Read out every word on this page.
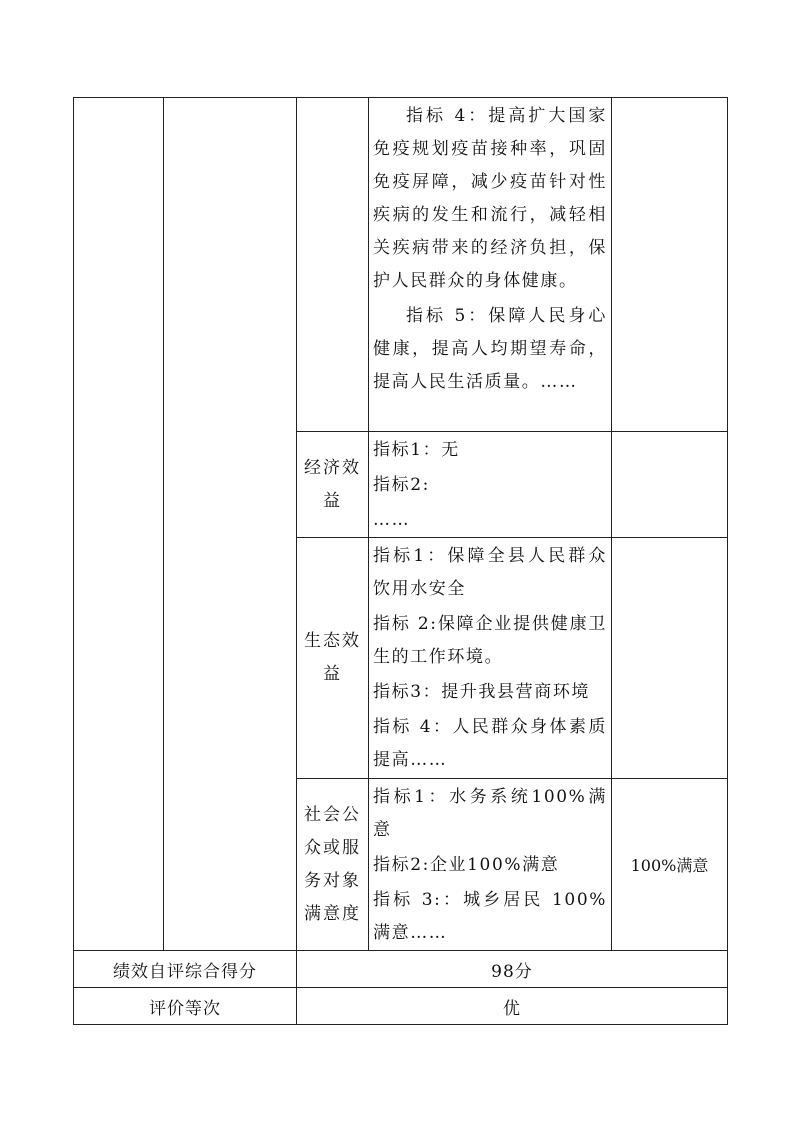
			指标 4：提高扩大国家免疫规划疫苗接种率，巩固免疫屏障，减少疫苗针对性疾病的发生和流行，减轻相关疾病带来的经济负担，保护人民群众的身体健康。
指标 5：保障人民身心健康，提高人均期望寿命，提高人民生活质量。……	

		经济效益	指标1：无
指标2:
……	

		生态效益	指标1：保障全县人民群众饮用水安全
指标 2:保障企业提供健康卫生的工作环境。
指标3：提升我县营商环境
指标 4：人民群众身体素质提高……	

		社会公众或服务对象满意度	指标1：水务系统100%满意
指标2:企业100%满意
指标 3:：城乡居民 100%满意……	100%满意
绩效自评综合得分		98分		
评价等次		优		
